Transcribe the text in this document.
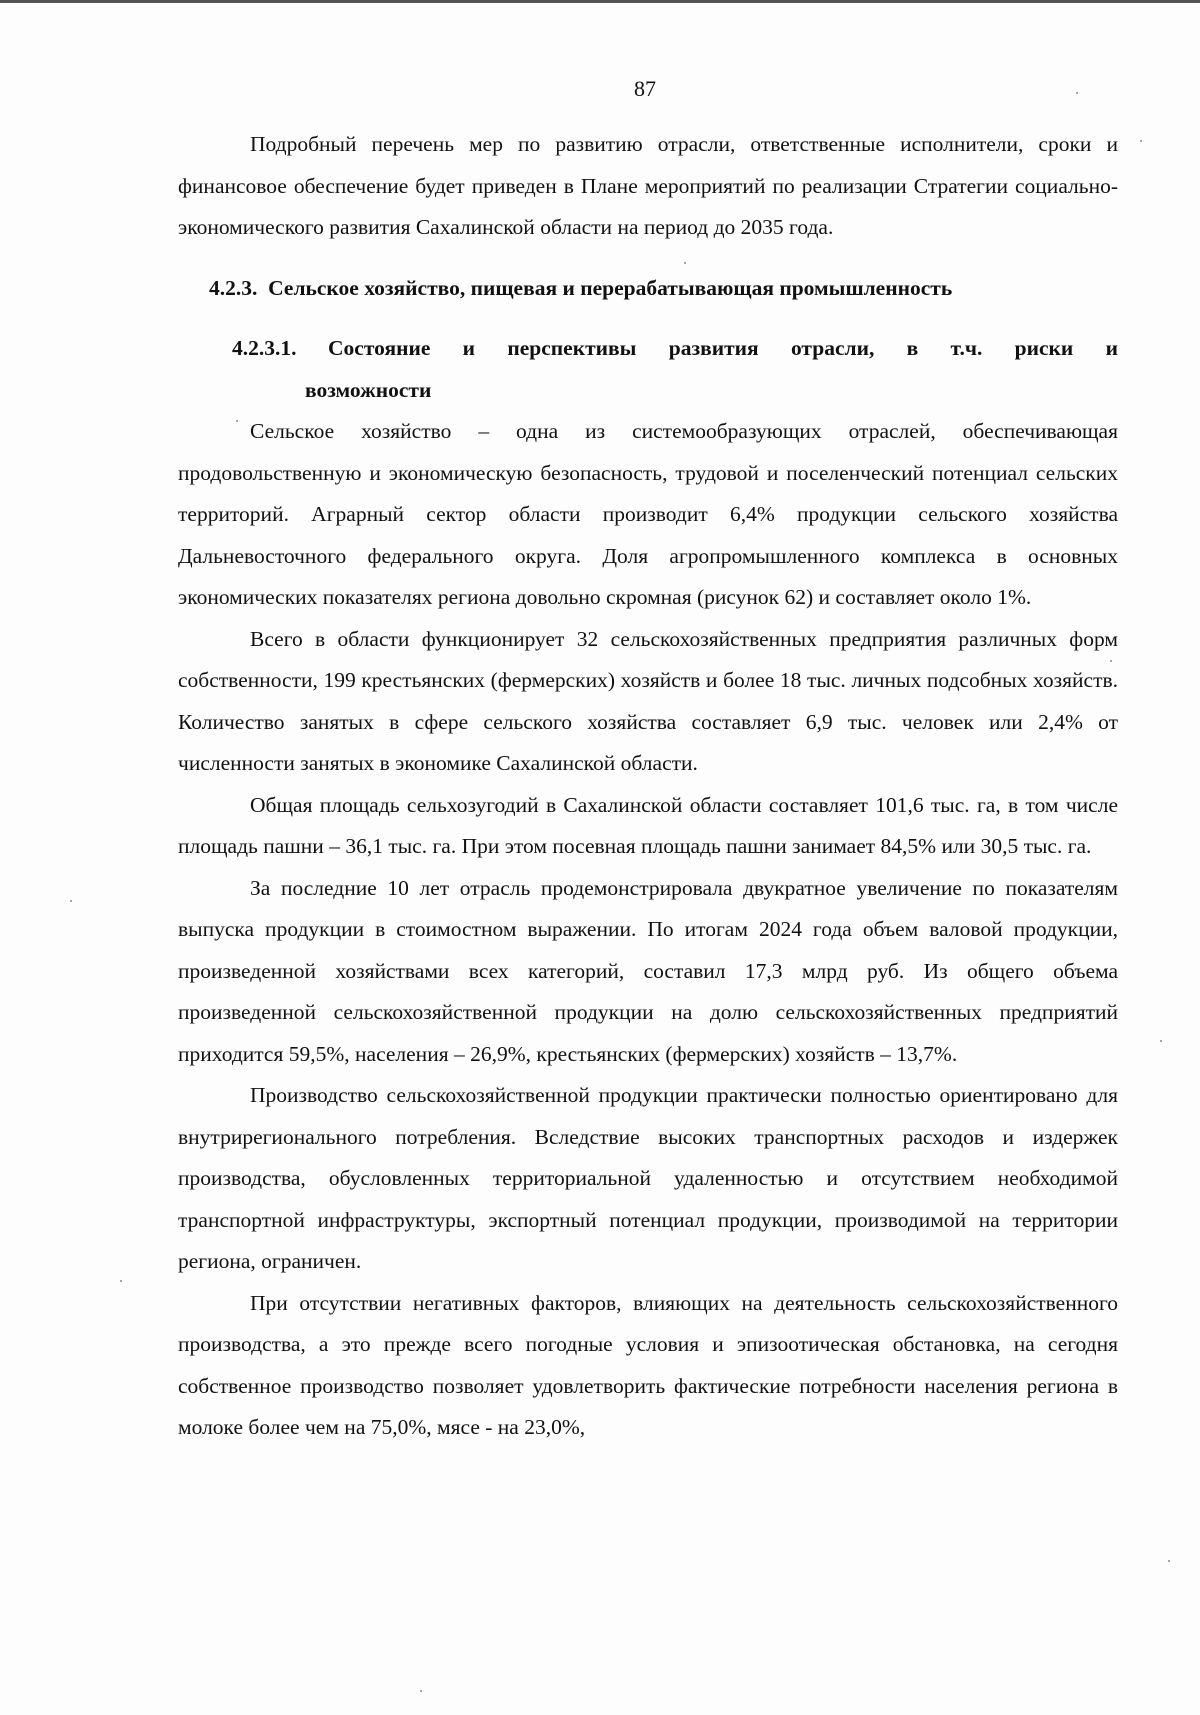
87

Подробный перечень мер по развитию отрасли, ответственные исполнители, сроки и финансовое обеспечение будет приведен в Плане мероприятий по реализации Стратегии социально-экономического развития Сахалинской области на период до 2035 года.

4.2.3. Сельское хозяйство, пищевая и перерабатывающая промышленность
4.2.3.1.	Состояние и перспективы развития отрасли, в т.ч. риски и
возможности

Сельское хозяйство – одна из системообразующих отраслей, обеспечивающая продовольственную и экономическую безопасность, трудовой и поселенческий потенциал сельских территорий. Аграрный сектор области производит 6,4% продукции сельского хозяйства Дальневосточного федерального округа. Доля агропромышленного комплекса в основных экономических показателях региона довольно скромная (рисунок 62) и составляет около 1%.

Всего в области функционирует 32 сельскохозяйственных предприятия различных форм собственности, 199 крестьянских (фермерских) хозяйств и более 18 тыс. личных подсобных хозяйств. Количество занятых в сфере сельского хозяйства составляет 6,9 тыс. человек или 2,4% от численности занятых в экономике Сахалинской области.

Общая площадь сельхозугодий в Сахалинской области составляет 101,6 тыс. га, в том числе площадь пашни – 36,1 тыс. га. При этом посевная площадь пашни занимает 84,5% или 30,5 тыс. га.

За последние 10 лет отрасль продемонстрировала двукратное увеличение по показателям выпуска продукции в стоимостном выражении. По итогам 2024 года объем валовой продукции, произведенной хозяйствами всех категорий, составил 17,3 млрд руб. Из общего объема произведенной сельскохозяйственной продукции на долю сельскохозяйственных предприятий приходится 59,5%, населения – 26,9%, крестьянских (фермерских) хозяйств – 13,7%.

Производство сельскохозяйственной продукции практически полностью ориентировано для внутрирегионального потребления. Вследствие высоких транспортных расходов и издержек производства, обусловленных территориальной удаленностью и отсутствием необходимой транспортной инфраструктуры, экспортный потенциал продукции, производимой на территории региона, ограничен.

При отсутствии негативных факторов, влияющих на деятельность сельскохозяйственного производства, а это прежде всего погодные условия и эпизоотическая обстановка, на сегодня собственное производство позволяет удовлетворить фактические потребности населения региона в молоке более чем на 75,0%, мясе - на 23,0%,
